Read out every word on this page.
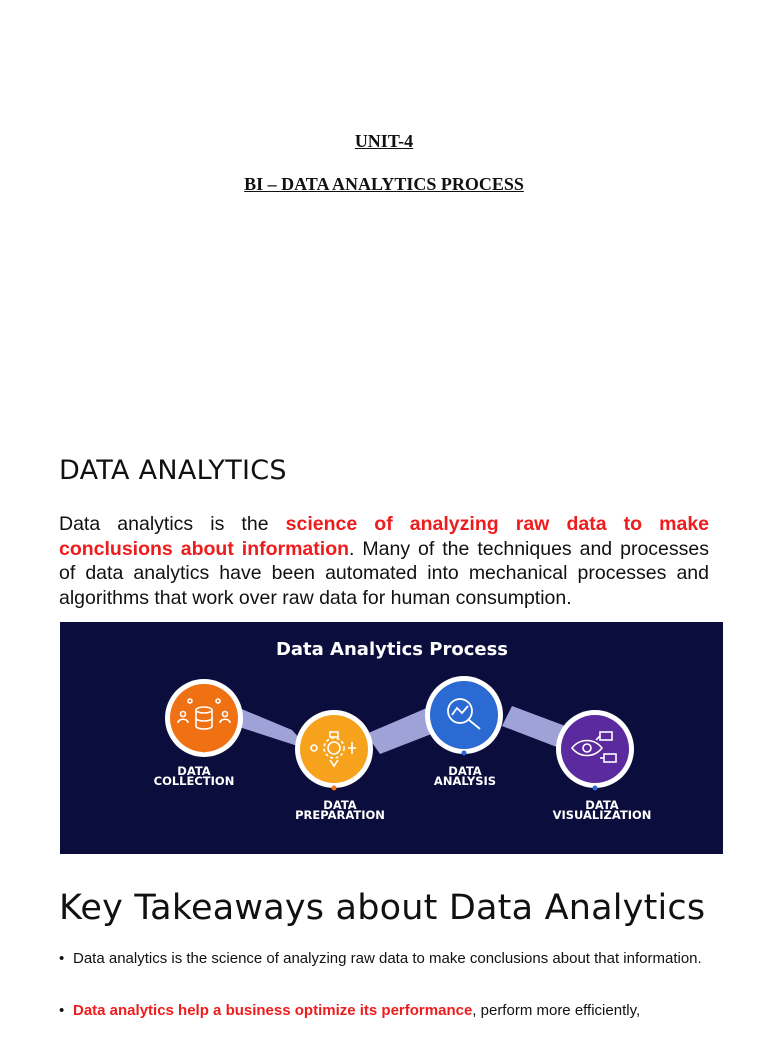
UNIT-4
BI – DATA ANALYTICS PROCESS
DATA ANALYTICS

Data analytics is the science of analyzing raw data to make conclusions about information. Many of the techniques and processes of data analytics have been automated into mechanical processes and algorithms that work over raw data for human consumption.

Data Analytics Process
DATA
COLLECTION
DATA
PREPARATION
DATA
ANALYSIS
DATA
VISUALIZATION
Key Takeaways about Data Analytics
• Data analytics is the science of analyzing raw data to make conclusions about that information.
• Data analytics help a business optimize its performance, perform more efficiently,
